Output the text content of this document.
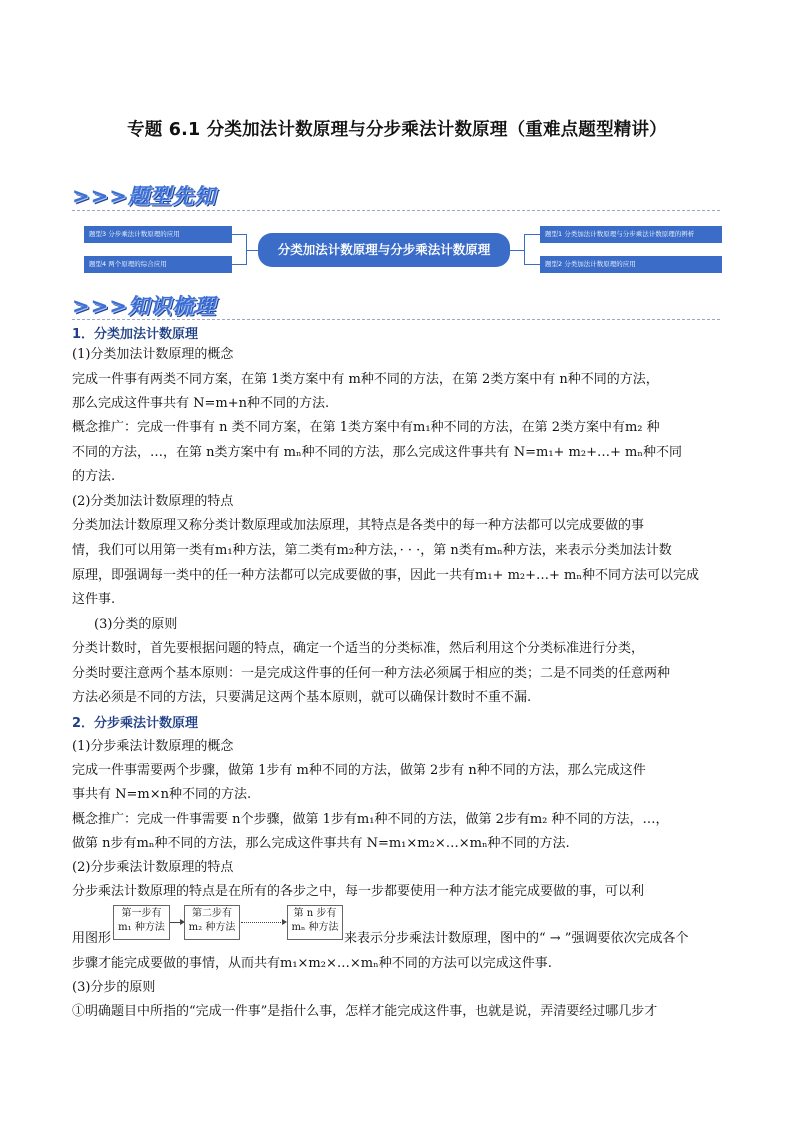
专题 6.1 分类加法计数原理与分步乘法计数原理（重难点题型精讲）
>>>题型先知
题型3 分步乘法计数原理的应用
题型4 两个原理的综合应用
题型1 分类加法计数原理与分步乘法计数原理的辨析
题型2 分类加法计数原理的应用
分类加法计数原理与分步乘法计数原理
>>>知识梳理
1．分类加法计数原理
(1)分类加法计数原理的概念
完成一件事有两类不同方案，在第 1类方案中有 m种不同的方法，在第 2类方案中有 n种不同的方法，
那么完成这件事共有 N=m+n种不同的方法.
概念推广：完成一件事有 n 类不同方案，在第 1类方案中有m₁种不同的方法，在第 2类方案中有m₂ 种
不同的方法，…，在第 n类方案中有 mₙ种不同的方法，那么完成这件事共有 N=m₁+ m₂+…+ mₙ种不同
的方法.
(2)分类加法计数原理的特点
分类加法计数原理又称分类计数原理或加法原理，其特点是各类中的每一种方法都可以完成要做的事
情，我们可以用第一类有m₁种方法，第二类有m₂种方法，· · ·，第 n类有mₙ种方法，来表示分类加法计数
原理，即强调每一类中的任一种方法都可以完成要做的事，因此一共有m₁+ m₂+…+ mₙ种不同方法可以完成
这件事.
(3)分类的原则
分类计数时，首先要根据问题的特点，确定一个适当的分类标准，然后利用这个分类标准进行分类，
分类时要注意两个基本原则：一是完成这件事的任何一种方法必须属于相应的类；二是不同类的任意两种
方法必须是不同的方法，只要满足这两个基本原则，就可以确保计数时不重不漏.
2．分步乘法计数原理
(1)分步乘法计数原理的概念
完成一件事需要两个步骤，做第 1步有 m种不同的方法，做第 2步有 n种不同的方法，那么完成这件
事共有 N=m×n种不同的方法.
概念推广：完成一件事需要 n个步骤，做第 1步有m₁种不同的方法，做第 2步有m₂ 种不同的方法，…，
做第 n步有mₙ种不同的方法，那么完成这件事共有 N=m₁×m₂×…×mₙ种不同的方法.
(2)分步乘法计数原理的特点
分步乘法计数原理的特点是在所有的各步之中，每一步都要使用一种方法才能完成要做的事，可以利
用图形
第一步有
m₁ 种方法
第二步有
m₂ 种方法
第 n 步有
mₙ 种方法
来表示分步乘法计数原理，图中的“ → ”强调要依次完成各个
步骤才能完成要做的事情，从而共有m₁×m₂×…×mₙ种不同的方法可以完成这件事.
(3)分步的原则
①明确题目中所指的“完成一件事”是指什么事，怎样才能完成这件事，也就是说，弄清要经过哪几步才
